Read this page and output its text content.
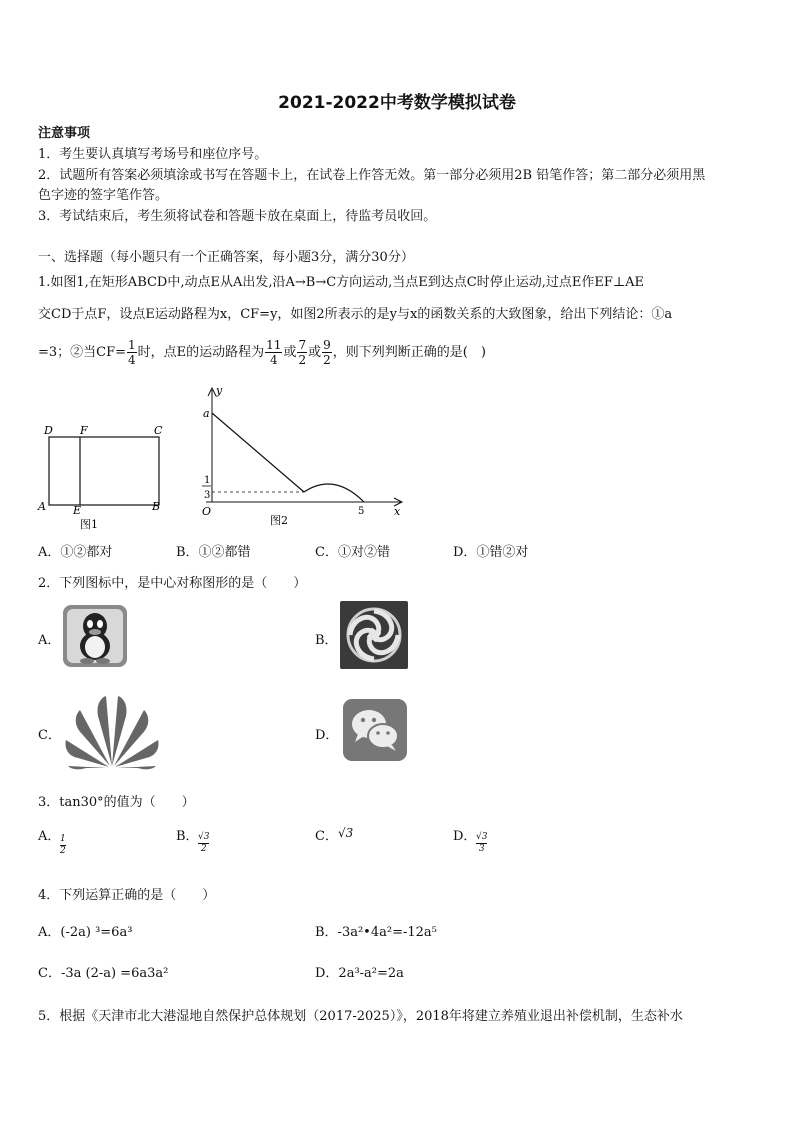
2021-2022中考数学模拟试卷
注意事项
1．考生要认真填写考场号和座位序号。
2．试题所有答案必须填涂或书写在答题卡上，在试卷上作答无效。第一部分必须用2B 铅笔作答；第二部分必须用黑
色字迹的签字笔作答。
3．考试结束后，考生须将试卷和答题卡放在桌面上，待监考员收回。
一、选择题（每小题只有一个正确答案，每小题3分，满分30分）
1.如图1,在矩形ABCD中,动点E从A出发,沿A→B→C方向运动,当点E到达点C时停止运动,过点E作EF⊥AE
交CD于点F，设点E运动路程为x，CF=y，如图2所表示的是y与x的函数关系的大致图象，给出下列结论：①a
=3；②当$CF= \frac{1}{4}$ 时，点E的运动路程为 $\frac{11}{4}$ 或 $\frac{7}{2}$ 或 $\frac{9}{2}$ ，则下列判断正确的是(　)
D F	C
A E	B
图1
y
a
1
3
O	5	x
图2
A．①②都对	B．①②都错	C．①对②错	D．①错②对
2．下列图标中，是中心对称图形的是（　　）
A．	B．
C．	D．
3．tan30°的值为（　　）
A． 1
2
B． √3
2
C． √3	D． √3
3
4．下列运算正确的是（　　）
A．(-2a) ³=6a³	B．-3a²•4a²=-12a⁵
C．-3a (2-a) =6a3a²	D．2a³-a²=2a
5．根据《天津市北大港湿地自然保护总体规划（2017-2025）》，2018年将建立养殖业退出补偿机制，生态补水
